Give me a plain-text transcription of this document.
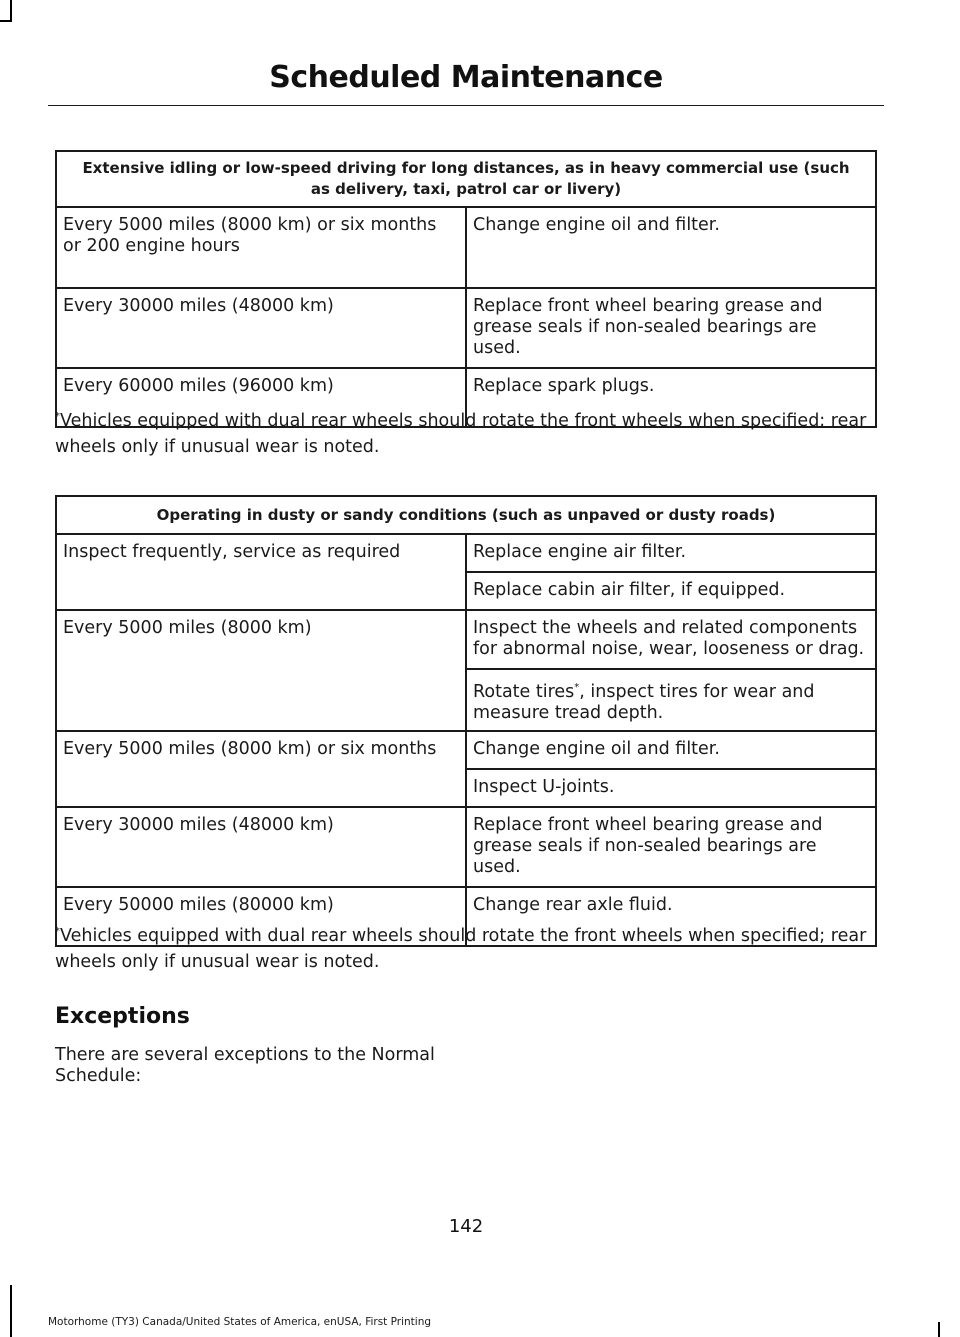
Scheduled Maintenance
Extensive idling or low-speed driving for long distances, as in heavy commercial use (such as delivery, taxi, patrol car or livery)	
Every 5000 miles (8000 km) or six months or 200 engine hours	Change engine oil and filter.
Every 30000 miles (48000 km)	Replace front wheel bearing grease and grease seals if non-sealed bearings are used.
Every 60000 miles (96000 km)	Replace spark plugs.
*Vehicles equipped with dual rear wheels should rotate the front wheels when specified; rear wheels only if unusual wear is noted.
Operating in dusty or sandy conditions (such as unpaved or dusty roads)	
Inspect frequently, service as required	Replace engine air filter.
	Replace cabin air filter, if equipped.
Every 5000 miles (8000 km)	Inspect the wheels and related components for abnormal noise, wear, looseness or drag.
	Rotate tires*, inspect tires for wear and measure tread depth.
Every 5000 miles (8000 km) or six months	Change engine oil and filter.
	Inspect U-joints.
Every 30000 miles (48000 km)	Replace front wheel bearing grease and grease seals if non-sealed bearings are used.
Every 50000 miles (80000 km)	Change rear axle fluid.
*Vehicles equipped with dual rear wheels should rotate the front wheels when specified; rear wheels only if unusual wear is noted.
Exceptions
There are several exceptions to the Normal Schedule:
142
Motorhome (TY3) Canada/United States of America, enUSA, First Printing
